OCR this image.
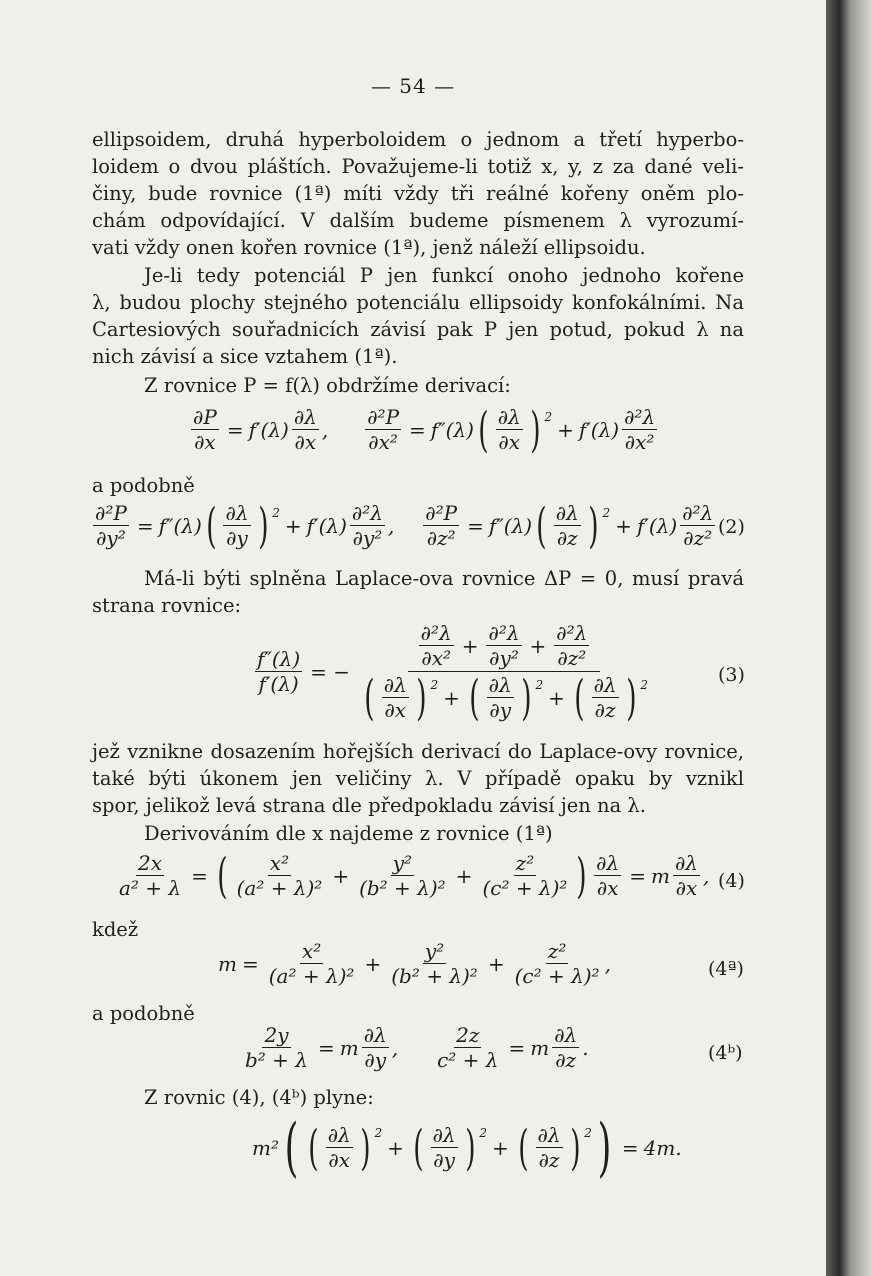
— 54 —
ellipsoidem, druhá hyperboloidem o jednom a třetí hyperbo-
loidem o dvou pláštích. Považujeme-li totiž x, y, z za dané veli-
činy, bude rovnice (1ª) míti vždy tři reálné kořeny oněm plo-
chám odpovídající. V dalším budeme písmenem λ vyrozumí-
vati vždy onen kořen rovnice (1ª), jenž náleží ellipsoidu.
Je-li tedy potenciál P jen funkcí onoho jednoho kořene
λ, budou plochy stejného potenciálu ellipsoidy konfokálními. Na
Cartesiových souřadnicích závisí pak P jen potud, pokud λ na
nich závisí a sice vztahem (1ª).
Z rovnice P = f(λ) obdržíme derivací:
$\frac{\partial P}{\partial x} = f'(\lambda) \frac{\partial\lambda}{\partial x}$ , $\frac{\text{∂²P}}{\text{∂x²}} = f''(\lambda)$ ( ∂λ
∂x ) $^2$
+ $f'(\lambda) \frac{\text{∂²λ}}{\text{∂x²}}$
a podobně
$\frac{\text{∂²P}}{\text{∂y²}} = f''(\lambda)$ ( ∂λ
∂y ) $^2$
+ $f'(\lambda) \frac{\text{∂²λ}}{\text{∂y²}}$ , $\frac{\text{∂²P}}{\text{∂z²}} = f''(\lambda)$ ( ∂λ
∂z ) $^2$
+ $f'(\lambda) \frac{\text{∂²λ}}{\text{∂z²}} (2)$
Má-li býti splněna Laplace-ova rovnice ΔP = 0, musí pravá
strana rovnice:
$\frac{f''(\lambda)}{f'(\lambda)}$ = − ∂²λ
∂x²
+ $\frac{\text{∂²λ}}{\text{∂y²}} + \frac{\text{∂²λ}}{\text{∂z²}}$
( ∂λ
∂x ) $^2$
+ ( ∂λ
∂y ) $^2$
+ ( ∂λ
∂z ) $^2$	(3)
jež vznikne dosazením hořejších derivací do Laplace-ovy rovnice,
také býti úkonem jen veličiny λ. V případě opaku by vznikl
spor, jelikož levá strana dle předpokladu závisí jen na λ.
Derivováním dle x najdeme z rovnice (1ª)
$\frac{2x}{\text{a² + λ}}$ = ( x²
(a² + λ)²
+ $\frac{\text{y²}}{\text{(b² + λ)²}} + \frac{\text{z²}}{\text{(c² + λ)²}}$ ) $\frac{\partial\lambda}{\partial x} = m \frac{\partial\lambda}{\partial x}$ , (4)
kdež
$m = \frac{\text{x²}}{\text{(a² + λ)²}} + \frac{\text{y²}}{\text{(b² + λ)²}} + \frac{\text{z²}}{\text{(c² + λ)²}}$ ,	(4ª)
a podobně
$\frac{2y}{\text{b² + λ}} = m \frac{\partial\lambda}{\partial y}$ , $\frac{2z}{\text{c² + λ}} = m \frac{\partial\lambda}{\partial z}$ .	(4ᵇ)
Z rovnic (4), (4ᵇ) plyne:
m² ( ( ∂λ
∂x ) $^2$
+ ( ∂λ
∂y ) $^2$
+ ( ∂λ
∂z ) $^2$ ) = 4m.
